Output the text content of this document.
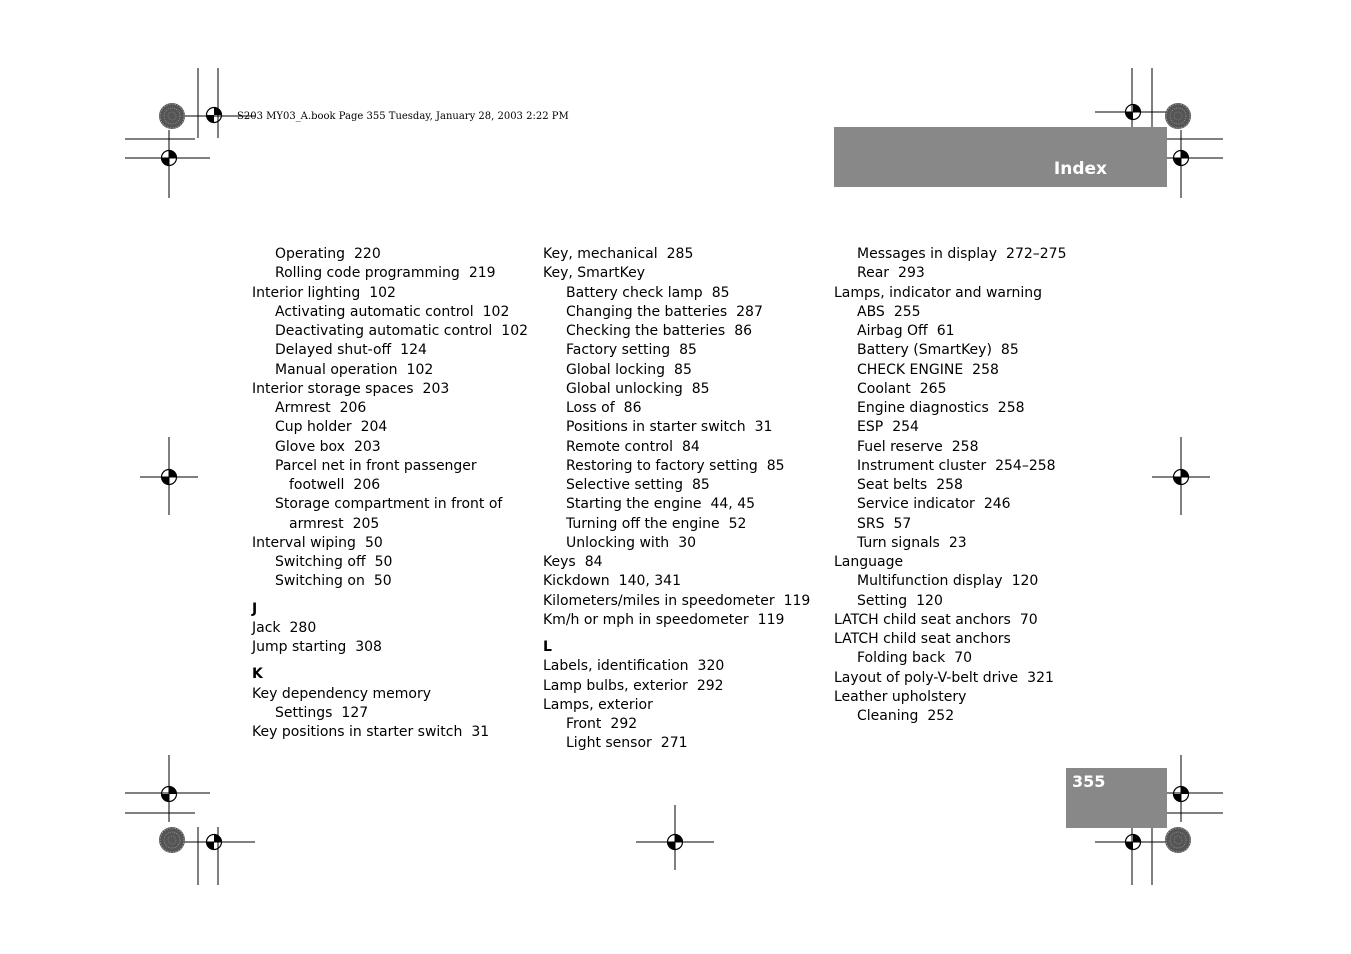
S203 MY03_A.book Page 355 Tuesday, January 28, 2003 2:22 PM
Index
Operating 220
Rolling code programming 219
Interior lighting 102
Activating automatic control 102
Deactivating automatic control 102
Delayed shut-off 124
Manual operation 102
Interior storage spaces 203
Armrest 206
Cup holder 204
Glove box 203
Parcel net in front passenger
footwell 206
Storage compartment in front of
armrest 205
Interval wiping 50
Switching off 50
Switching on 50
J
Jack 280
Jump starting 308
K
Key dependency memory
Settings 127
Key positions in starter switch 31
Key, mechanical 285
Key, SmartKey
Battery check lamp 85
Changing the batteries 287
Checking the batteries 86
Factory setting 85
Global locking 85
Global unlocking 85
Loss of 86
Positions in starter switch 31
Remote control 84
Restoring to factory setting 85
Selective setting 85
Starting the engine 44, 45
Turning off the engine 52
Unlocking with 30
Keys 84
Kickdown 140, 341
Kilometers/miles in speedometer 119
Km/h or mph in speedometer 119
L
Labels, identification 320
Lamp bulbs, exterior 292
Lamps, exterior
Front 292
Light sensor 271
Messages in display 272–275
Rear 293
Lamps, indicator and warning
ABS 255
Airbag Off 61
Battery (SmartKey) 85
CHECK ENGINE 258
Coolant 265
Engine diagnostics 258
ESP 254
Fuel reserve 258
Instrument cluster 254–258
Seat belts 258
Service indicator 246
SRS 57
Turn signals 23
Language
Multifunction display 120
Setting 120
LATCH child seat anchors 70
LATCH child seat anchors
Folding back 70
Layout of poly-V-belt drive 321
Leather upholstery
Cleaning 252
355
